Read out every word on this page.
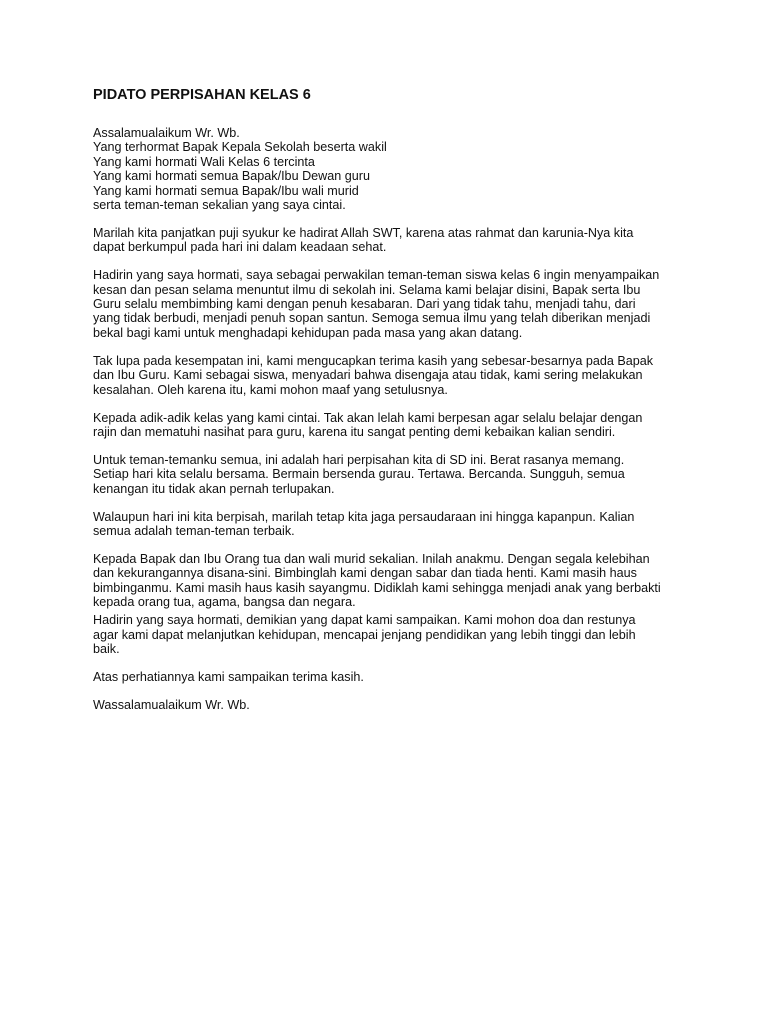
PIDATO PERPISAHAN KELAS 6
Assalamualaikum Wr. Wb.
Yang terhormat Bapak Kepala Sekolah beserta wakil
Yang kami hormati Wali Kelas 6 tercinta
Yang kami hormati semua Bapak/Ibu Dewan guru
Yang kami hormati semua Bapak/Ibu wali murid
serta teman-teman sekalian yang saya cintai.
Marilah kita panjatkan puji syukur ke hadirat Allah SWT, karena atas rahmat dan karunia-Nya kita
dapat berkumpul pada hari ini dalam keadaan sehat.
Hadirin yang saya hormati, saya sebagai perwakilan teman-teman siswa kelas 6 ingin menyampaikan
kesan dan pesan selama menuntut ilmu di sekolah ini. Selama kami belajar disini, Bapak serta Ibu
Guru selalu membimbing kami dengan penuh kesabaran. Dari yang tidak tahu, menjadi tahu, dari
yang tidak berbudi, menjadi penuh sopan santun. Semoga semua ilmu yang telah diberikan menjadi
bekal bagi kami untuk menghadapi kehidupan pada masa yang akan datang.
Tak lupa pada kesempatan ini, kami mengucapkan terima kasih yang sebesar-besarnya pada Bapak
dan Ibu Guru. Kami sebagai siswa, menyadari bahwa disengaja atau tidak, kami sering melakukan
kesalahan. Oleh karena itu, kami mohon maaf yang setulusnya.
Kepada adik-adik kelas yang kami cintai. Tak akan lelah kami berpesan agar selalu belajar dengan
rajin dan mematuhi nasihat para guru, karena itu sangat penting demi kebaikan kalian sendiri.
Untuk teman-temanku semua, ini adalah hari perpisahan kita di SD ini. Berat rasanya memang.
Setiap hari kita selalu bersama. Bermain bersenda gurau. Tertawa. Bercanda. Sungguh, semua
kenangan itu tidak akan pernah terlupakan.
Walaupun hari ini kita berpisah, marilah tetap kita jaga persaudaraan ini hingga kapanpun. Kalian
semua adalah teman-teman terbaik.
Kepada Bapak dan Ibu Orang tua dan wali murid sekalian. Inilah anakmu. Dengan segala kelebihan
dan kekurangannya disana-sini. Bimbinglah kami dengan sabar dan tiada henti. Kami masih haus
bimbinganmu. Kami masih haus kasih sayangmu. Didiklah kami sehingga menjadi anak yang berbakti
kepada orang tua, agama, bangsa dan negara.
Hadirin yang saya hormati, demikian yang dapat kami sampaikan. Kami mohon doa dan restunya
agar kami dapat melanjutkan kehidupan, mencapai jenjang pendidikan yang lebih tinggi dan lebih
baik.
Atas perhatiannya kami sampaikan terima kasih.
Wassalamualaikum Wr. Wb.
